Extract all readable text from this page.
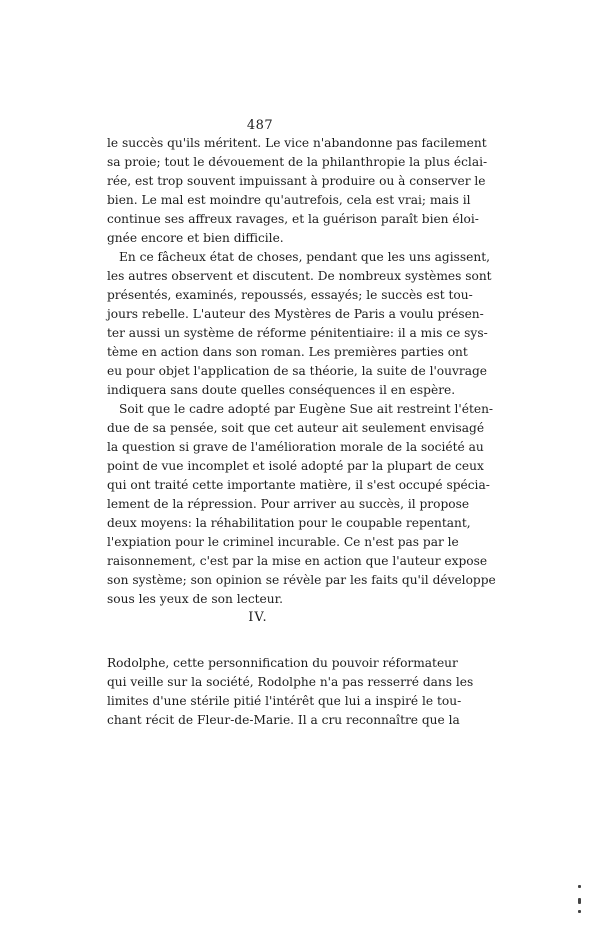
487
le succès qu'ils méritent. Le vice n'abandonne pas facilement
sa proie; tout le dévouement de la philanthropie la plus éclai-
rée, est trop souvent impuissant à produire ou à conserver le
bien. Le mal est moindre qu'autrefois, cela est vrai; mais il
continue ses affreux ravages, et la guérison paraît bien éloi-
gnée encore et bien difficile.
En ce fâcheux état de choses, pendant que les uns agissent,
les autres observent et discutent. De nombreux systèmes sont
présentés, examinés, repoussés, essayés; le succès est tou-
jours rebelle. L'auteur des Mystères de Paris a voulu présen-
ter aussi un système de réforme pénitentiaire: il a mis ce sys-
tème en action dans son roman. Les premières parties ont
eu pour objet l'application de sa théorie, la suite de l'ouvrage
indiquera sans doute quelles conséquences il en espère.
Soit que le cadre adopté par Eugène Sue ait restreint l'éten-
due de sa pensée, soit que cet auteur ait seulement envisagé
la question si grave de l'amélioration morale de la société au
point de vue incomplet et isolé adopté par la plupart de ceux
qui ont traité cette importante matière, il s'est occupé spécia-
lement de la répression. Pour arriver au succès, il propose
deux moyens: la réhabilitation pour le coupable repentant,
l'expiation pour le criminel incurable. Ce n'est pas par le
raisonnement, c'est par la mise en action que l'auteur expose
son système; son opinion se révèle par les faits qu'il développe
sous les yeux de son lecteur.
IV.
Rodolphe, cette personnification du pouvoir réformateur
qui veille sur la société, Rodolphe n'a pas resserré dans les
limites d'une stérile pitié l'intérêt que lui a inspiré le tou-
chant récit de Fleur-de-Marie. Il a cru reconnaître que la
